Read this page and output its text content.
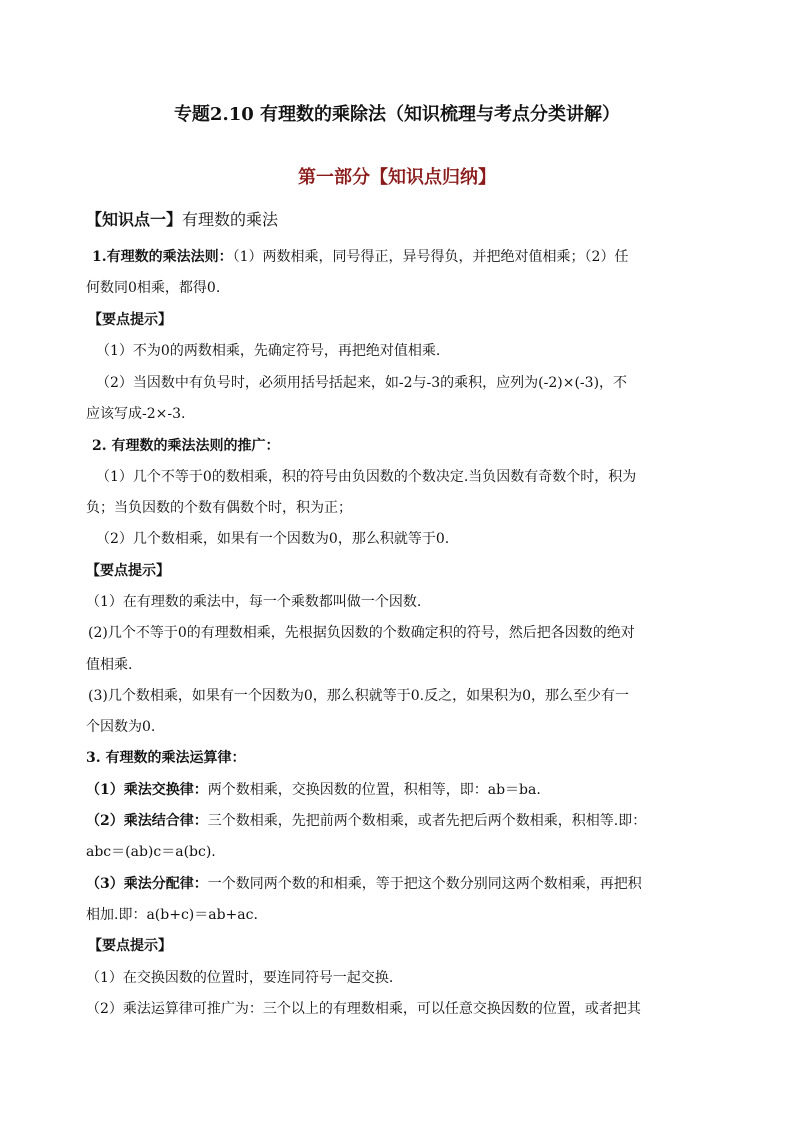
专题2.10 有理数的乘除法（知识梳理与考点分类讲解）
第一部分【知识点归纳】
【知识点一】有理数的乘法
1.有理数的乘法法则：（1）两数相乘，同号得正，异号得负，并把绝对值相乘；（2）任
何数同0相乘，都得0.
【要点提示】
（1）不为0的两数相乘，先确定符号，再把绝对值相乘.
（2）当因数中有负号时，必须用括号括起来，如-2与-3的乘积，应列为(-2)×(-3)，不
应该写成-2×-3.
2. 有理数的乘法法则的推广：
（1）几个不等于0的数相乘，积的符号由负因数的个数决定.当负因数有奇数个时，积为
负；当负因数的个数有偶数个时，积为正；
（2）几个数相乘，如果有一个因数为0，那么积就等于0.
【要点提示】
（1）在有理数的乘法中，每一个乘数都叫做一个因数.
(2)几个不等于0的有理数相乘，先根据负因数的个数确定积的符号，然后把各因数的绝对
值相乘.
(3)几个数相乘，如果有一个因数为0，那么积就等于0.反之，如果积为0，那么至少有一
个因数为0.
3. 有理数的乘法运算律：
（1）乘法交换律：两个数相乘，交换因数的位置，积相等，即：ab＝ba.
（2）乘法结合律：三个数相乘，先把前两个数相乘，或者先把后两个数相乘，积相等.即：
abc＝(ab)c＝a(bc).
（3）乘法分配律：一个数同两个数的和相乘，等于把这个数分别同这两个数相乘，再把积
相加.即：a(b+c)＝ab+ac.
【要点提示】
（1）在交换因数的位置时，要连同符号一起交换.
（2）乘法运算律可推广为：三个以上的有理数相乘，可以任意交换因数的位置，或者把其
